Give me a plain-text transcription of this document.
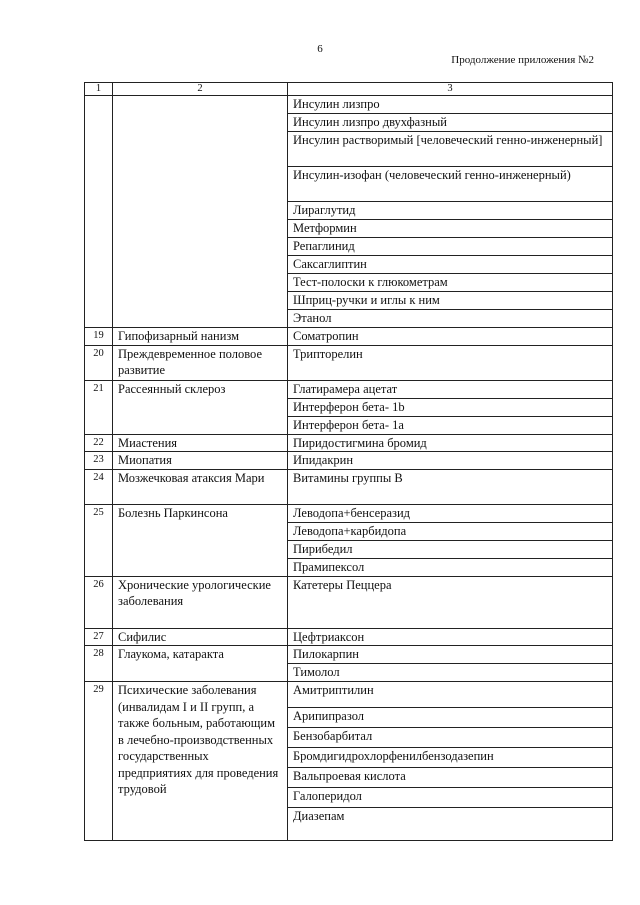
6
Продолжение приложения №2
1	2	3
		Инсулин лизпро
		Инсулин лизпро двухфазный
		Инсулин растворимый [человеческий генно-инженерный]
		Инсулин-изофан (человеческий генно-инженерный)
		Лираглутид
		Метформин
		Репаглинид
		Саксаглиптин
		Тест-полоски к глюкометрам
		Шприц-ручки и иглы к ним
		Этанол
19	Гипофизарный нанизм	Соматропин
20	Преждевременное половое развитие	Трипторелин
21	Рассеянный склероз	Глатирамера ацетат
		Интерферон бета- 1b
		Интерферон бета- 1a
22	Миастения	Пиридостигмина бромид
23	Миопатия	Ипидакрин
24	Мозжечковая атаксия Мари	Витамины группы В
25	Болезнь Паркинсона	Леводопа+бенсеразид
		Леводопа+карбидопа
		Пирибедил
		Прамипексол
26	Хронические урологические заболевания	Катетеры Пеццера
27	Сифилис	Цефтриаксон
28	Глаукома, катаракта	Пилокарпин
		Тимолол
29	Психические заболевания (инвалидам I и II групп, а также больным, работающим в лечебно-производственных государственных предприятиях для проведения трудовой	Амитриптилин
		Арипипразол
		Бензобарбитал
		Бромдигидрохлорфенилбензодазепин
		Вальпроевая кислота
		Галоперидол
		Диазепам
